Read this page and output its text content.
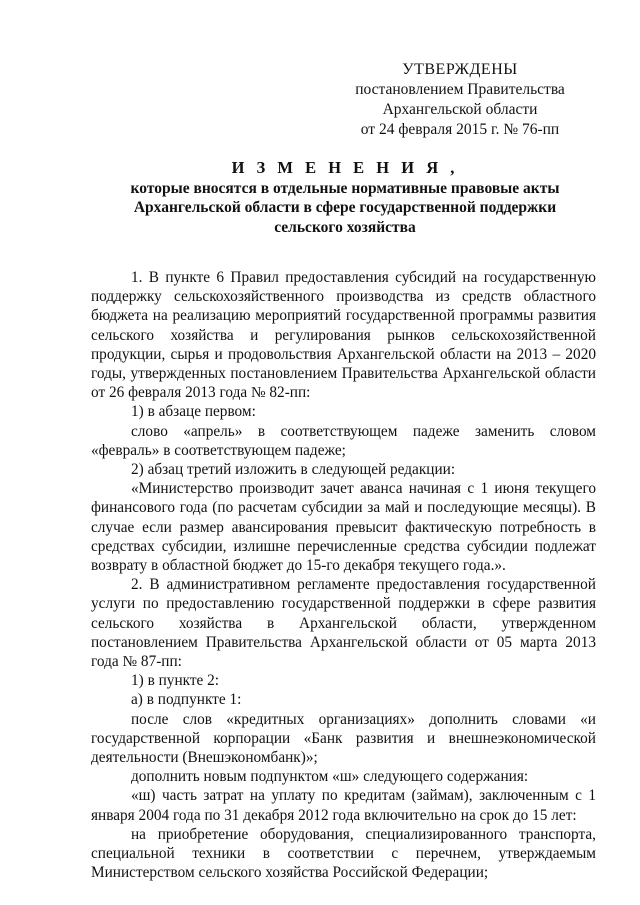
УТВЕРЖДЕНЫ
постановлением Правительства
Архангельской области
от 24 февраля 2015 г. № 76-пп
И З М Е Н Е Н И Я ,
которые вносятся в отдельные нормативные правовые акты
Архангельской области в сфере государственной поддержки
сельского хозяйства

1. В пункте 6 Правил предоставления субсидий на государственную поддержку сельскохозяйственного производства из средств областного бюджета на реализацию мероприятий государственной программы развития сельского хозяйства и регулирования рынков сельскохозяйственной продукции, сырья и продовольствия Архангельской области на 2013 – 2020 годы, утвержденных постановлением Правительства Архангельской области от 26 февраля 2013 года № 82-пп:

1) в абзаце первом:

слово «апрель» в соответствующем падеже заменить словом «февраль» в соответствующем падеже;

2) абзац третий изложить в следующей редакции:

«Министерство производит зачет аванса начиная с 1 июня текущего финансового года (по расчетам субсидии за май и последующие месяцы). В случае если размер авансирования превысит фактическую потребность в средствах субсидии, излишне перечисленные средства субсидии подлежат возврату в областной бюджет до 15-го декабря текущего года.».

2. В административном регламенте предоставления государственной услуги по предоставлению государственной поддержки в сфере развития сельского хозяйства в Архангельской области, утвержденном постановлением Правительства Архангельской области от 05 марта 2013 года № 87-пп:

1) в пункте 2:

а) в подпункте 1:

после слов «кредитных организациях» дополнить словами «и государственной корпорации «Банк развития и внешнеэкономической деятельности (Внешэкономбанк)»;

дополнить новым подпунктом «ш» следующего содержания:

«ш) часть затрат на уплату по кредитам (займам), заключенным с 1 января 2004 года по 31 декабря 2012 года включительно на срок до 15 лет:

на приобретение оборудования, специализированного транспорта, специальной техники в соответствии с перечнем, утверждаемым Министерством сельского хозяйства Российской Федерации;
